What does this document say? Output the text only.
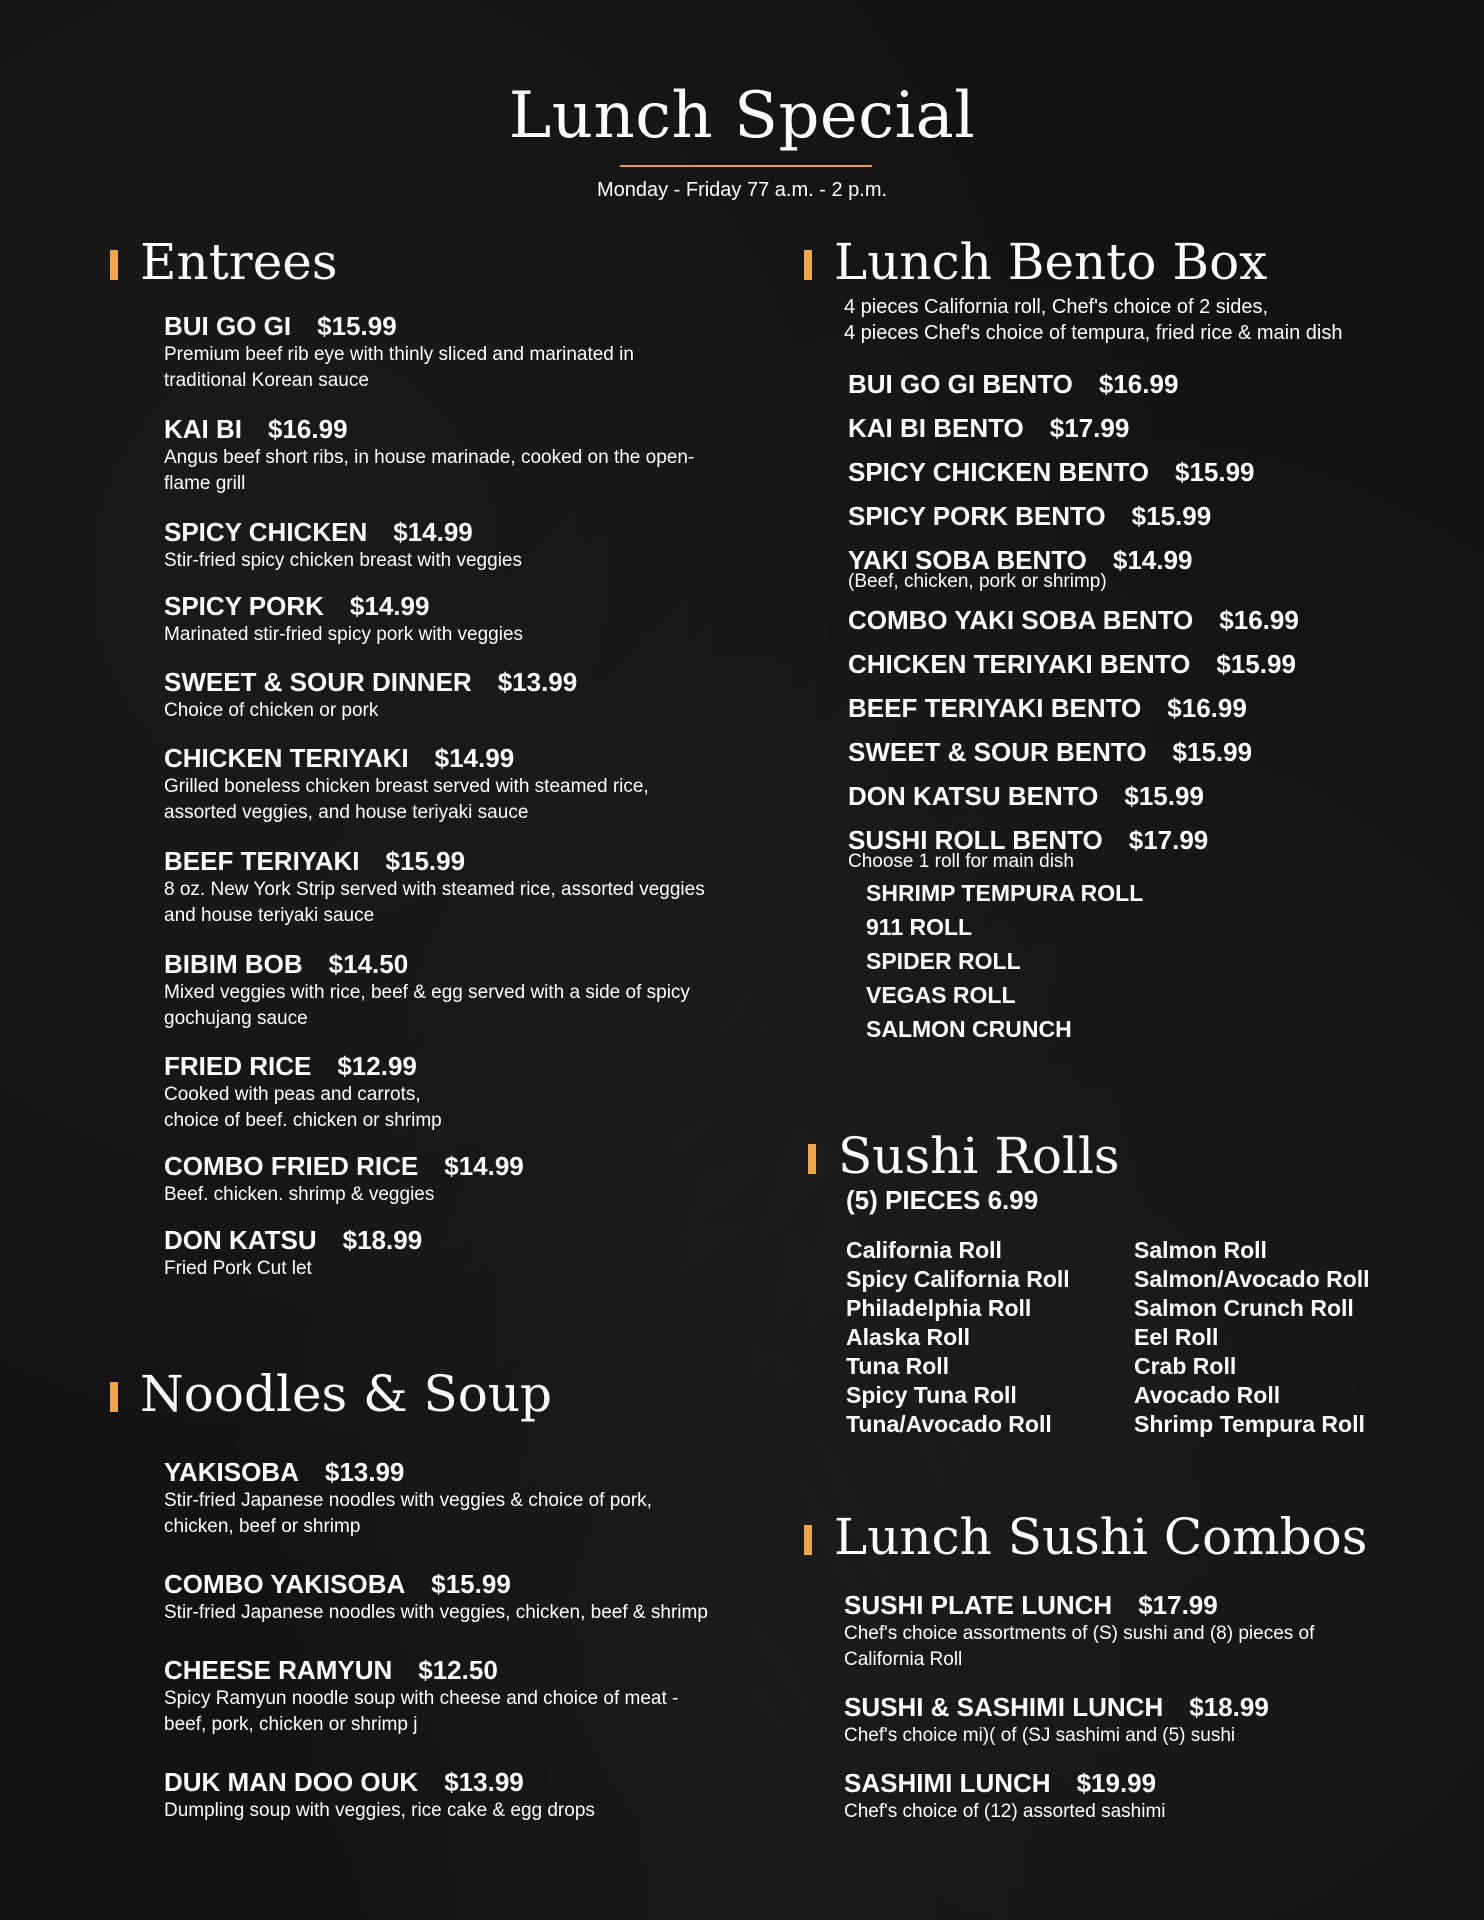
Lunch Special
Monday - Friday 77 a.m. - 2 p.m.
Entrees
BUI GO GI $15.99
Premium beef rib eye with thinly sliced and marinated in traditional Korean sauce
KAI BI $16.99
Angus beef short ribs, in house marinade, cooked on the open-flame grill
SPICY CHICKEN $14.99
Stir-fried spicy chicken breast with veggies
SPICY PORK $14.99
Marinated stir-fried spicy pork with veggies
SWEET & SOUR DINNER $13.99
Choice of chicken or pork
CHICKEN TERIYAKI $14.99
Grilled boneless chicken breast served with steamed rice, assorted veggies, and house teriyaki sauce
BEEF TERIYAKI $15.99
8 oz. New York Strip served with steamed rice, assorted veggies and house teriyaki sauce
BIBIM BOB $14.50
Mixed veggies with rice, beef & egg served with a side of spicy gochujang sauce
FRIED RICE $12.99
Cooked with peas and carrots,
choice of beef. chicken or shrimp
COMBO FRIED RICE $14.99
Beef. chicken. shrimp & veggies
DON KATSU $18.99
Fried Pork Cut let
Noodles & Soup
YAKISOBA $13.99
Stir-fried Japanese noodles with veggies & choice of pork, chicken, beef or shrimp
COMBO YAKISOBA $15.99
Stir-fried Japanese noodles with veggies, chicken, beef & shrimp
CHEESE RAMYUN $12.50
Spicy Ramyun noodle soup with cheese and choice of meat - beef, pork, chicken or shrimp j
DUK MAN DOO OUK $13.99
Dumpling soup with veggies, rice cake & egg drops
Lunch Bento Box
4 pieces California roll, Chef's choice of 2 sides,
4 pieces Chef's choice of tempura, fried rice & main dish
BUI GO GI BENTO $16.99
KAI BI BENTO $17.99
SPICY CHICKEN BENTO $15.99
SPICY PORK BENTO $15.99
YAKI SOBA BENTO $14.99
(Beef, chicken, pork or shrimp)
COMBO YAKI SOBA BENTO $16.99
CHICKEN TERIYAKI BENTO $15.99
BEEF TERIYAKI BENTO $16.99
SWEET & SOUR BENTO $15.99
DON KATSU BENTO $15.99
SUSHI ROLL BENTO $17.99
Choose 1 roll for main dish
SHRIMP TEMPURA ROLL
911 ROLL
SPIDER ROLL
VEGAS ROLL
SALMON CRUNCH
Sushi Rolls
(5) PIECES 6.99
California Roll
Spicy California Roll
Philadelphia Roll
Alaska Roll
Tuna Roll
Spicy Tuna Roll
Tuna/Avocado Roll
Salmon Roll
Salmon/Avocado Roll
Salmon Crunch Roll
Eel Roll
Crab Roll
Avocado Roll
Shrimp Tempura Roll
Lunch Sushi Combos
SUSHI PLATE LUNCH $17.99
Chef's choice assortments of (S) sushi and (8) pieces of
California Roll
SUSHI & SASHIMI LUNCH $18.99
Chef's choice mi)( of (SJ sashimi and (5) sushi
SASHIMI LUNCH $19.99
Chef's choice of (12) assorted sashimi
